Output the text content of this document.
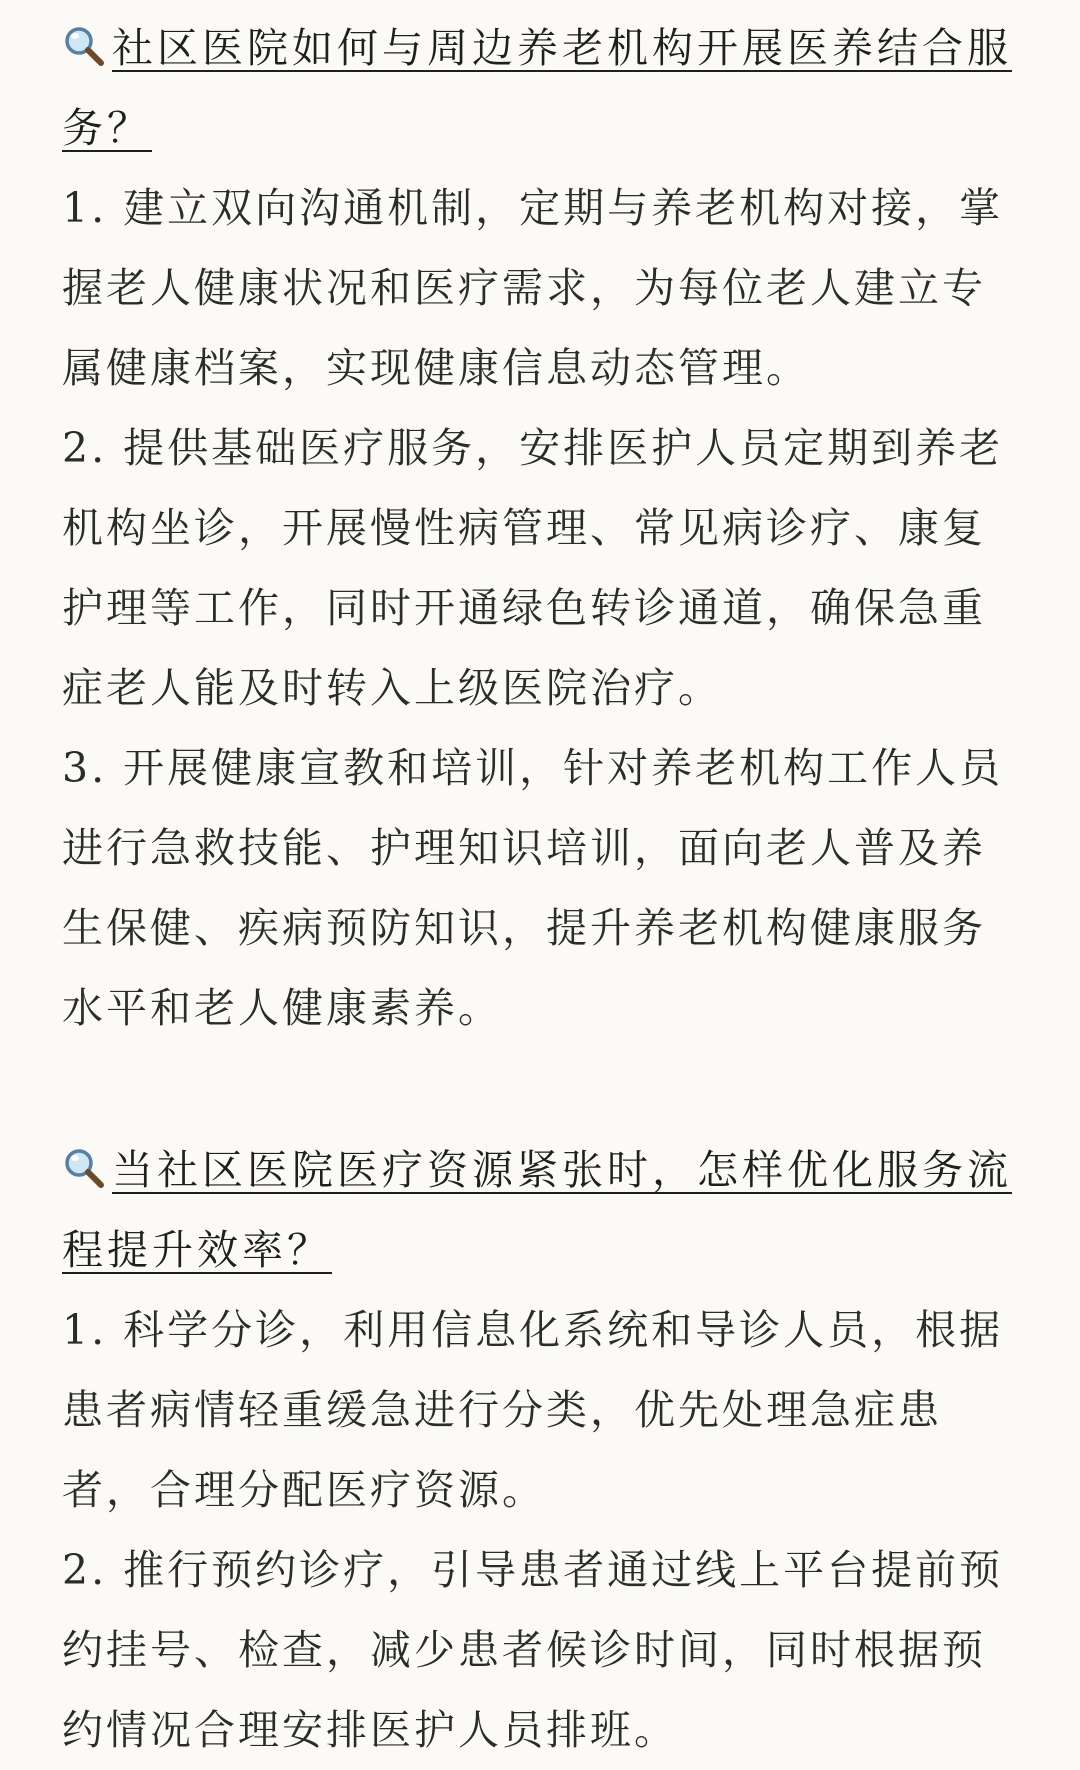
社区医院如何与周边养老机构开展医养结合服务？

1. 建立双向沟通机制，定期与养老机构对接，掌握老人健康状况和医疗需求，为每位老人建立专属健康档案，实现健康信息动态管理。

2. 提供基础医疗服务，安排医护人员定期到养老机构坐诊，开展慢性病管理、常见病诊疗、康复护理等工作，同时开通绿色转诊通道，确保急重症老人能及时转入上级医院治疗。

3. 开展健康宣教和培训，针对养老机构工作人员进行急救技能、护理知识培训，面向老人普及养生保健、疾病预防知识，提升养老机构健康服务水平和老人健康素养。

当社区医院医疗资源紧张时，怎样优化服务流程提升效率？

1. 科学分诊，利用信息化系统和导诊人员，根据患者病情轻重缓急进行分类，优先处理急症患者，合理分配医疗资源。

2. 推行预约诊疗，引导患者通过线上平台提前预约挂号、检查，减少患者候诊时间，同时根据预约情况合理安排医护人员排班。
